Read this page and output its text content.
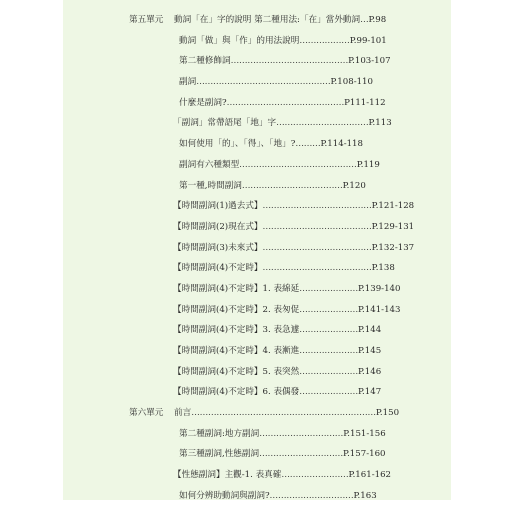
第五單元 動詞「在」字的說明 第二種用法:「在」當外動詞…P.98
動詞「做」與「作」的用法說明………………P.99-101
第二種修飾詞……………………………………P.103-107
副詞…………………………………………P.108-110
什麼是副詞?……………………………………P111-112
「副詞」常帶語尾「地」字……………………………P.113
如何使用「的」、「得」、「地」?………P.114-118
副詞有六種類型……………………………………P.119
第一種,時間副詞………………………………P.120
【時間副詞(1)過去式】…………………………………P.121-128
【時間副詞(2)現在式】…………………………………P.129-131
【時間副詞(3)未來式】…………………………………P.132-137
【時間副詞(4)不定時】…………………………………P.138
【時間副詞(4)不定時】1. 表綿延…………………P.139-140
【時間副詞(4)不定時】2. 表匆促…………………P.141-143
【時間副詞(4)不定時】3. 表急遽…………………P.144
【時間副詞(4)不定時】4. 表漸進…………………P.145
【時間副詞(4)不定時】5. 表突然…………………P.146
【時間副詞(4)不定時】6. 表偶發…………………P.147
第六單元 前言…………………………………………………………P.150
第二種副詞:地方副詞…………………………P.151-156
第三種副詞,性態副詞…………………………P.157-160
【性態副詞】主觀-1. 表真確……………………P.161-162
如何分辨助動詞與副詞?…………………………P.163
